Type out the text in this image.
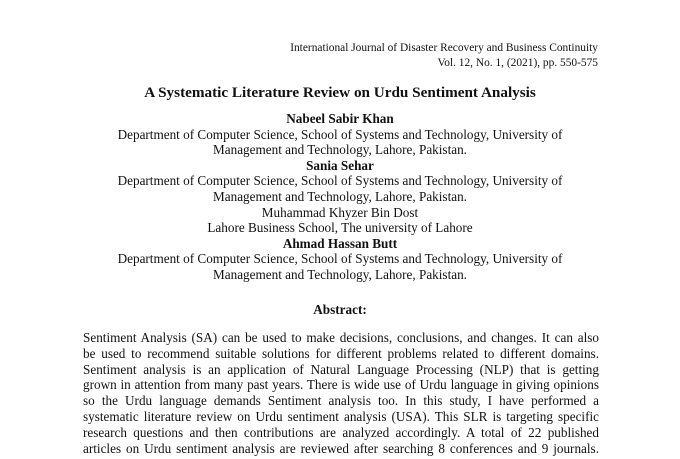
International Journal of Disaster Recovery and Business Continuity
Vol. 12, No. 1, (2021), pp. 550-575
A Systematic Literature Review on Urdu Sentiment Analysis
Nabeel Sabir Khan
Department of Computer Science, School of Systems and Technology, University of
Management and Technology, Lahore, Pakistan.
Sania Sehar
Department of Computer Science, School of Systems and Technology, University of
Management and Technology, Lahore, Pakistan.
Muhammad Khyzer Bin Dost
Lahore Business School, The university of Lahore
Ahmad Hassan Butt
Department of Computer Science, School of Systems and Technology, University of
Management and Technology, Lahore, Pakistan.
Abstract:
Sentiment Analysis (SA) can be used to make decisions, conclusions, and changes. It can also
be used to recommend suitable solutions for different problems related to different domains.
Sentiment analysis is an application of Natural Language Processing (NLP) that is getting
grown in attention from many past years. There is wide use of Urdu language in giving opinions
so the Urdu language demands Sentiment analysis too. In this study, I have performed a
systematic literature review on Urdu sentiment analysis (USA). This SLR is targeting specific
research questions and then contributions are analyzed accordingly. A total of 22 published
articles on Urdu sentiment analysis are reviewed after searching 8 conferences and 9 journals.
